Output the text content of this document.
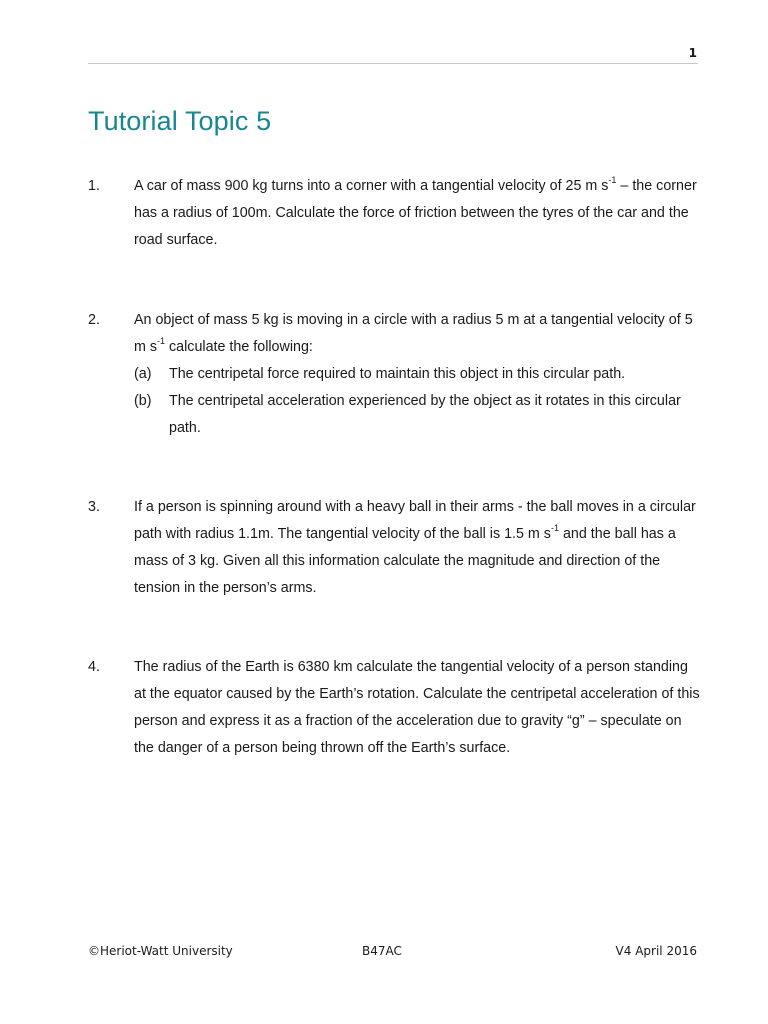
1
Tutorial Topic 5
1. A car of mass 900 kg turns into a corner with a tangential velocity of 25 m $s^{-1}$ – the corner has a radius of 100m. Calculate the force of friction between the tyres of the car and the road surface.
2. An object of mass 5 kg is moving in a circle with a radius 5 m at a tangential velocity of 5 m $s^{-1}$ calculate the following:
(a) The centripetal force required to maintain this object in this circular path.
(b) The centripetal acceleration experienced by the object as it rotates in this circular path.
3. If a person is spinning around with a heavy ball in their arms - the ball moves in a circular path with radius 1.1m. The tangential velocity of the ball is 1.5 m $s^{-1}$ and the ball has a mass of 3 kg. Given all this information calculate the magnitude and direction of the tension in the person’s arms.
4. The radius of the Earth is 6380 km calculate the tangential velocity of a person standing at the equator caused by the Earth’s rotation. Calculate the centripetal acceleration of this person and express it as a fraction of the acceleration due to gravity “g” – speculate on the danger of a person being thrown off the Earth’s surface.
©Heriot-Watt University	B47AC	V4 April 2016
